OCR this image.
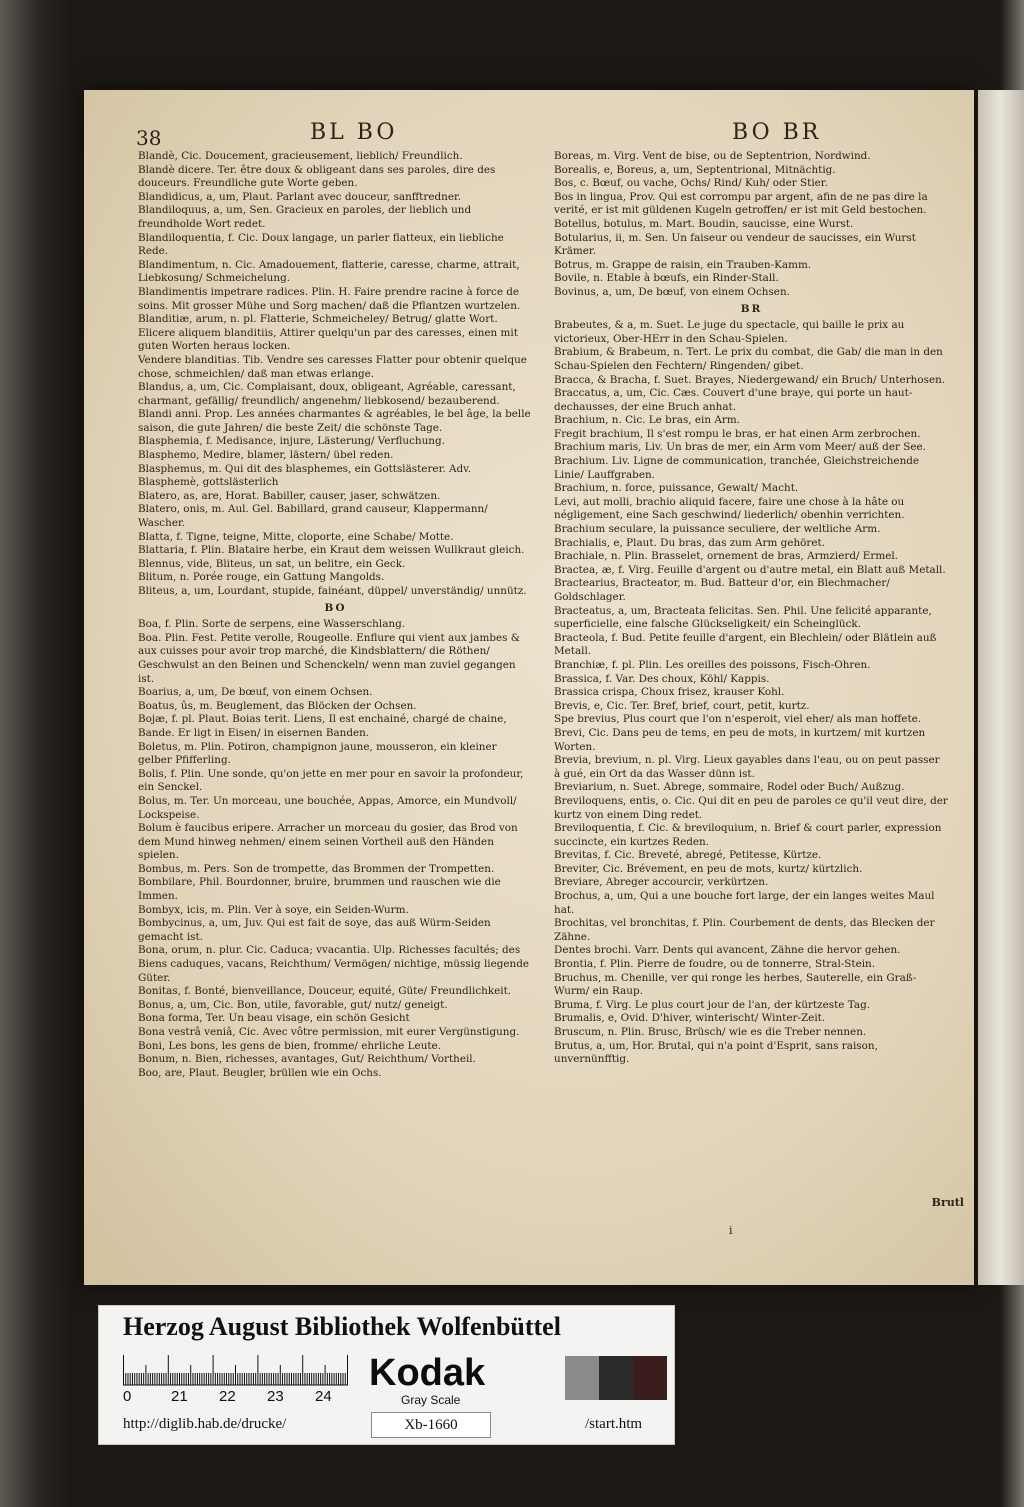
38	BL BO	BO BR

Blandè, Cic. Doucement, gracieusement, lieblich/ Freundlich.

Blandè dicere. Ter. être doux & obligeant dans ses paroles, dire des douceurs. Freundliche gute Worte geben.

Blandidicus, a, um, Plaut. Parlant avec douceur, sanfftredner.

Blandiloquus, a, um, Sen. Gracieux en paroles, der lieblich und freundholde Wort redet.

Blandiloquentia, f. Cic. Doux langage, un parler flatteux, ein liebliche Rede.

Blandimentum, n. Cic. Amadouement, flatterie, caresse, charme, attrait, Liebkosung/ Schmeichelung.

Blandimentis impetrare radices. Plin. H. Faire prendre racine à force de soins. Mit grosser Mühe und Sorg machen/ daß die Pflantzen wurtzelen.

Blanditiæ, arum, n. pl. Flatterie, Schmeicheley/ Betrug/ glatte Wort.

Elicere aliquem blanditiis, Attirer quelqu'un par des caresses, einen mit guten Worten heraus locken.

Vendere blanditias. Tib. Vendre ses caresses Flatter pour obtenir quelque chose, schmeichlen/ daß man etwas erlange.

Blandus, a, um, Cic. Complaisant, doux, obligeant, Agréable, caressant, charmant, gefällig/ freundlich/ angenehm/ liebkosend/ bezauberend.

Blandi anni. Prop. Les années charmantes & agréables, le bel âge, la belle saison, die gute Jahren/ die beste Zeit/ die schönste Tage.

Blasphemia, f. Medisance, injure, Lästerung/ Verfluchung.

Blasphemo, Medire, blamer, lästern/ übel reden.

Blasphemus, m. Qui dit des blasphemes, ein Gottslästerer. Adv. Blasphemè, gottslästerlich

Blatero, as, are, Horat. Babiller, causer, jaser, schwätzen.

Blatero, onis, m. Aul. Gel. Babillard, grand causeur, Klappermann/ Wascher.

Blatta, f. Tigne, teigne, Mitte, cloporte, eine Schabe/ Motte.

Blattaria, f. Plin. Blataire herbe, ein Kraut dem weissen Wullkraut gleich.

Blennus, vide, Bliteus, un sat, un belitre, ein Geck.

Blitum, n. Porée rouge, ein Gattung Mangolds.

Bliteus, a, um, Lourdant, stupide, fainéant, düppel/ unverständig/ unnütz.

BO

Boa, f. Plin. Sorte de serpens, eine Wasserschlang.

Boa. Plin. Fest. Petite verolle, Rougeolle. Enflure qui vient aux jambes & aux cuisses pour avoir trop marché, die Kindsblattern/ die Röthen/ Geschwulst an den Beinen und Schenckeln/ wenn man zuviel gegangen ist.

Boarius, a, um, De bœuf, von einem Ochsen.

Boatus, ûs, m. Beuglement, das Blöcken der Ochsen.

Bojæ, f. pl. Plaut. Boias terit. Liens, Il est enchainé, chargé de chaine, Bande. Er ligt in Eisen/ in eisernen Banden.

Boletus, m. Plin. Potiron, champignon jaune, mousseron, ein kleiner gelber Pfifferling.

Bolis, f. Plin. Une sonde, qu'on jette en mer pour en savoir la profondeur, ein Senckel.

Bolus, m. Ter. Un morceau, une bouchée, Appas, Amorce, ein Mundvoll/ Lockspeise.

Bolum è faucibus eripere. Arracher un morceau du gosier, das Brod von dem Mund hinweg nehmen/ einem seinen Vortheil auß den Händen spielen.

Bombus, m. Pers. Son de trompette, das Brommen der Trompetten.

Bombilare, Phil. Bourdonner, bruire, brummen und rauschen wie die Immen.

Bombyx, icis, m. Plin. Ver à soye, ein Seiden-Wurm.

Bombycinus, a, um, Juv. Qui est fait de soye, das auß Würm-Seiden gemacht ist.

Bona, orum, n. plur. Cic. Caduca; vvacantia. Ulp. Richesses facultés; des Biens caduques, vacans, Reichthum/ Vermögen/ nichtige, müssig liegende Güter.

Bonitas, f. Bonté, bienveillance, Douceur, equité, Güte/ Freundlichkeit.

Bonus, a, um, Cic. Bon, utile, favorable, gut/ nutz/ geneigt.

Bona forma, Ter. Un beau visage, ein schön Gesicht

Bona vestrâ veniâ, Cic. Avec vôtre permission, mit eurer Vergünstigung.

Boni, Les bons, les gens de bien, fromme/ ehrliche Leute.

Bonum, n. Bien, richesses, avantages, Gut/ Reichthum/ Vortheil.

Boo, are, Plaut. Beugler, brüllen wie ein Ochs.

Boreas, m. Virg. Vent de bise, ou de Septentrion, Nordwind.

Borealis, e, Boreus, a, um, Septentrional, Mitnächtig.

Bos, c. Bœuf, ou vache, Ochs/ Rind/ Kuh/ oder Stier.

Bos in lingua, Prov. Qui est corrompu par argent, afin de ne pas dire la verité, er ist mit güldenen Kugeln getroffen/ er ist mit Geld bestochen.

Botellus, botulus, m. Mart. Boudin, saucisse, eine Wurst.

Botularius, ii, m. Sen. Un faiseur ou vendeur de saucisses, ein Wurst Krämer.

Botrus, m. Grappe de raisin, ein Trauben-Kamm.

Bovile, n. Etable à bœufs, ein Rinder-Stall.

Bovinus, a, um, De bœuf, von einem Ochsen.

BR

Brabeutes, & a, m. Suet. Le juge du spectacle, qui baille le prix au victorieux, Ober-HErr in den Schau-Spielen.

Brabium, & Brabeum, n. Tert. Le prix du combat, die Gab/ die man in den Schau-Spielen den Fechtern/ Ringenden/ gibet.

Bracca, & Bracha, f. Suet. Brayes, Niedergewand/ ein Bruch/ Unterhosen.

Braccatus, a, um, Cic. Cæs. Couvert d'une braye, qui porte un haut-dechausses, der eine Bruch anhat.

Brachium, n. Cic. Le bras, ein Arm.

Fregit brachium, Il s'est rompu le bras, er hat einen Arm zerbrochen.

Brachium maris, Liv. Un bras de mer, ein Arm vom Meer/ auß der See.

Brachium. Liv. Ligne de communication, tranchée, Gleichstreichende Linie/ Lauffgraben.

Brachium, n. force, puissance, Gewalt/ Macht.

Levi, aut molli, brachio aliquid facere, faire une chose à la hâte ou négligement, eine Sach geschwind/ liederlich/ obenhin verrichten.

Brachium seculare, la puissance seculiere, der weltliche Arm.

Brachialis, e, Plaut. Du bras, das zum Arm gehöret.

Brachiale, n. Plin. Brasselet, ornement de bras, Armzierd/ Ermel.

Bractea, æ, f. Virg. Feuille d'argent ou d'autre metal, ein Blatt auß Metall.

Bractearius, Bracteator, m. Bud. Batteur d'or, ein Blechmacher/ Goldschlager.

Bracteatus, a, um, Bracteata felicitas. Sen. Phil. Une felicité apparante, superficielle, eine falsche Glückseligkeit/ ein Scheinglück.

Bracteola, f. Bud. Petite feuille d'argent, ein Blechlein/ oder Blätlein auß Metall.

Branchiæ, f. pl. Plin. Les oreilles des poissons, Fisch-Ohren.

Brassica, f. Var. Des choux, Köhl/ Kappis.

Brassica crispa, Choux frisez, krauser Kohl.

Brevis, e, Cic. Ter. Bref, brief, court, petit, kurtz.

Spe brevius, Plus court que l'on n'esperoit, viel eher/ als man hoffete.

Brevi, Cic. Dans peu de tems, en peu de mots, in kurtzem/ mit kurtzen Worten.

Brevia, brevium, n. pl. Virg. Lieux gayables dans l'eau, ou on peut passer à gué, ein Ort da das Wasser dünn ist.

Breviarium, n. Suet. Abrege, sommaire, Rodel oder Buch/ Außzug.

Breviloquens, entis, o. Cic. Qui dit en peu de paroles ce qu'il veut dire, der kurtz von einem Ding redet.

Breviloquentia, f. Cic. & breviloquium, n. Brief & court parler, expression succincte, ein kurtzes Reden.

Brevitas, f. Cic. Breveté, abregé, Petitesse, Kürtze.

Breviter, Cic. Brévement, en peu de mots, kurtz/ kürtzlich.

Breviare, Abreger accourcir, verkürtzen.

Brochus, a, um, Qui a une bouche fort large, der ein langes weites Maul hat.

Brochitas, vel bronchitas, f. Plin. Courbement de dents, das Blecken der Zähne.

Dentes brochi. Varr. Dents qui avancent, Zähne die hervor gehen.

Brontia, f. Plin. Pierre de foudre, ou de tonnerre, Stral-Stein.

Bruchus, m. Chenille, ver qui ronge les herbes, Sauterelle, ein Graß-Wurm/ ein Raup.

Bruma, f. Virg. Le plus court jour de l'an, der kürtzeste Tag.

Brumalis, e, Ovid. D'hiver, winterischt/ Winter-Zeit.

Bruscum, n. Plin. Brusc, Brüsch/ wie es die Treber nennen.

Brutus, a, um, Hor. Brutal, qui n'a point d'Esprit, sans raison, unvernünfftig.

i
Brutl
Herzog August Bibliothek Wolfenbüttel
0	21 22 23 24
Kodak
Gray Scale
http://diglib.hab.de/drucke/	Xb-1660	/start.htm
